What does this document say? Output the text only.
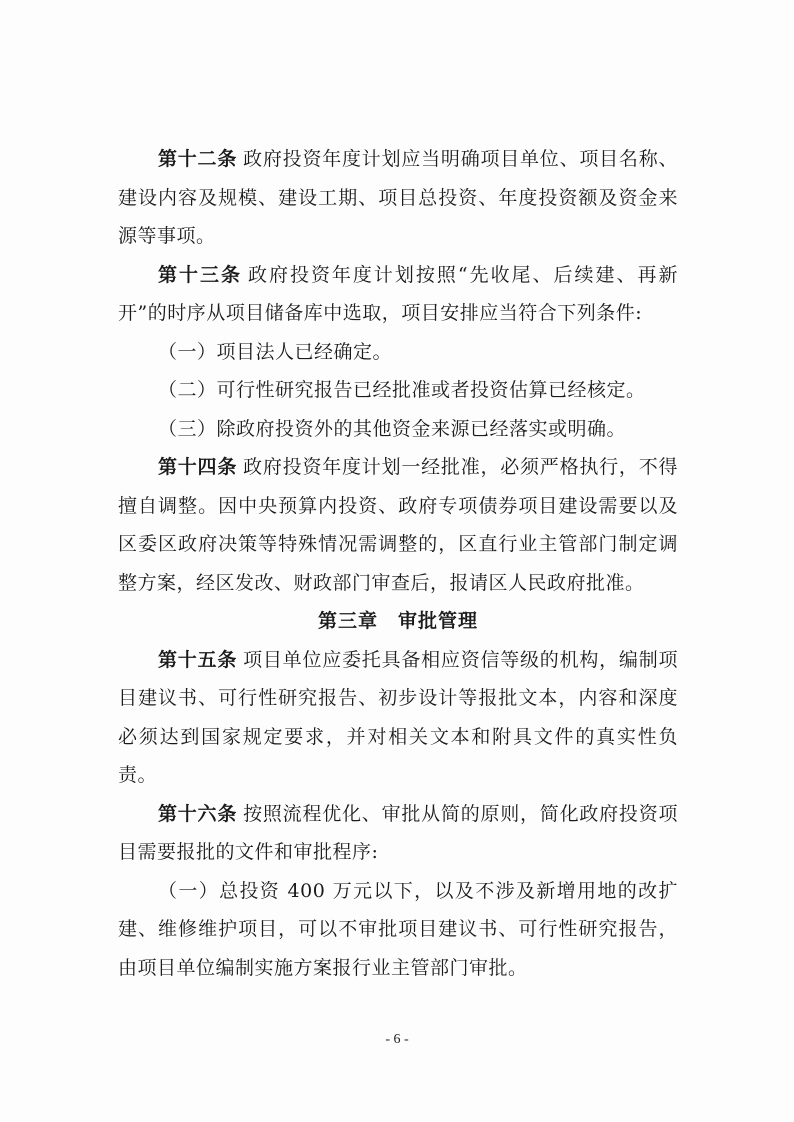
第十二条 政府投资年度计划应当明确项目单位、项目名称、建设内容及规模、建设工期、项目总投资、年度投资额及资金来源等事项。

第十三条 政府投资年度计划按照“先收尾、后续建、再新开”的时序从项目储备库中选取，项目安排应当符合下列条件:

（一）项目法人已经确定。

（二）可行性研究报告已经批准或者投资估算已经核定。

（三）除政府投资外的其他资金来源已经落实或明确。

第十四条 政府投资年度计划一经批准，必须严格执行，不得擅自调整。因中央预算内投资、政府专项债券项目建设需要以及区委区政府决策等特殊情况需调整的，区直行业主管部门制定调整方案，经区发改、财政部门审查后，报请区人民政府批准。

第三章 审批管理

第十五条 项目单位应委托具备相应资信等级的机构，编制项目建议书、可行性研究报告、初步设计等报批文本，内容和深度必须达到国家规定要求，并对相关文本和附具文件的真实性负责。

第十六条 按照流程优化、审批从简的原则，简化政府投资项目需要报批的文件和审批程序:

（一）总投资 400 万元以下，以及不涉及新增用地的改扩建、维修维护项目，可以不审批项目建议书、可行性研究报告，由项目单位编制实施方案报行业主管部门审批。

- 6 -
